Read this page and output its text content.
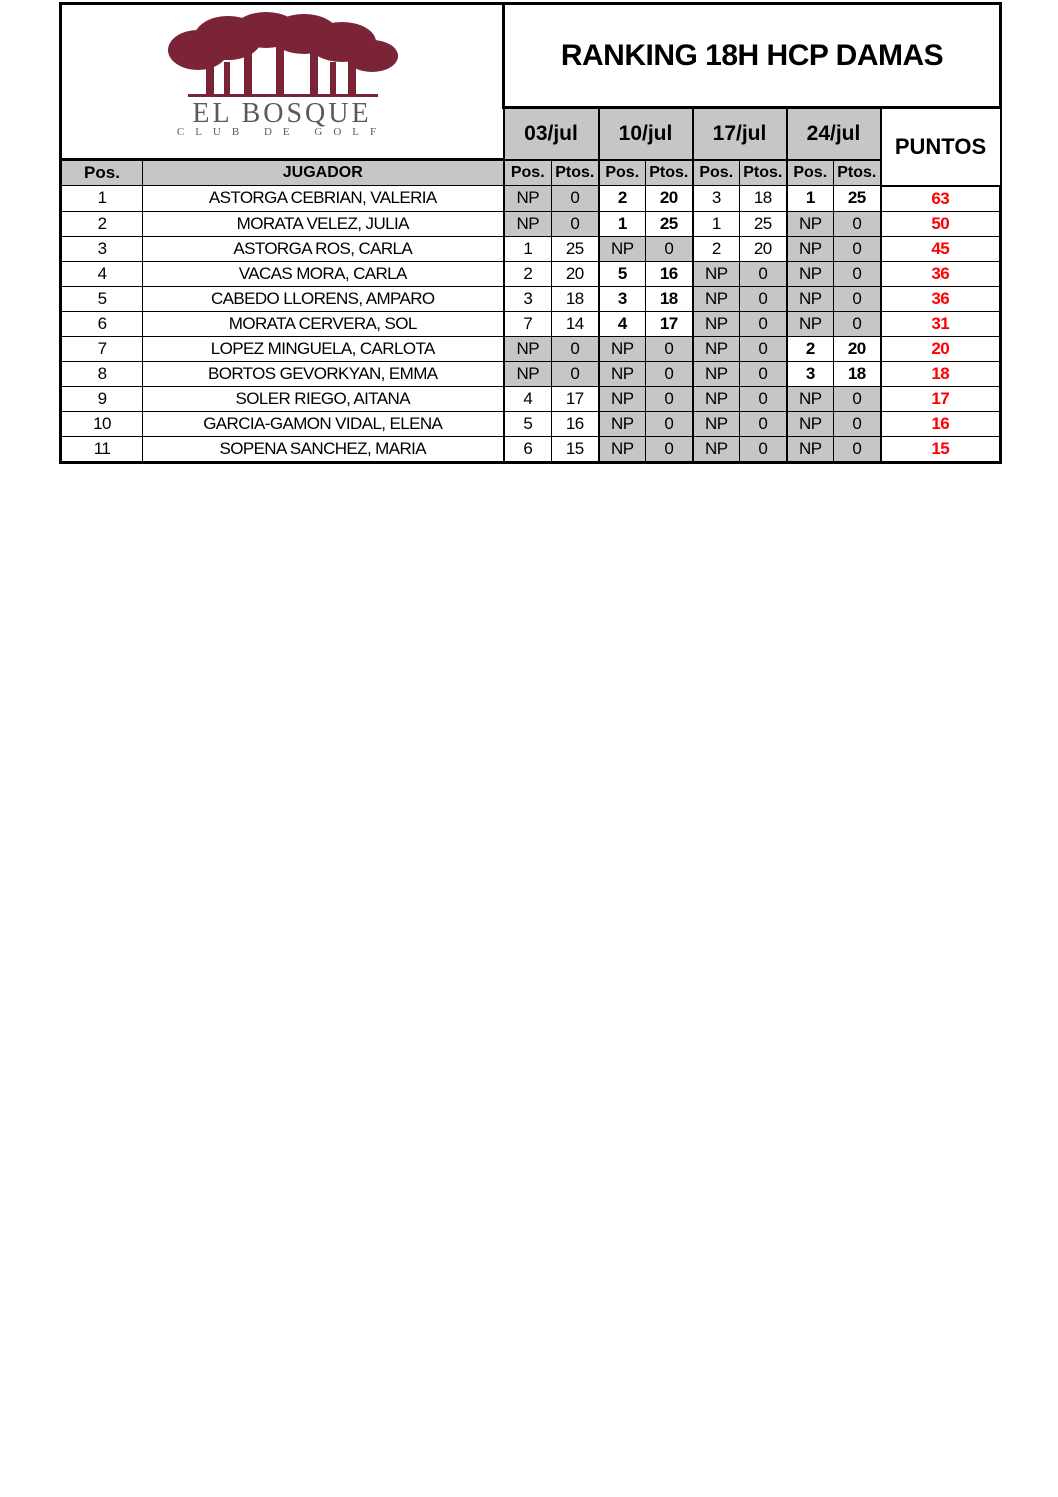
EL BOSQUE
CLUB DE GOLF		RANKING 18H HCP DAMAS								
		03/jul		10/jul		17/jul		24/jul		PUNTOS
Pos.	JUGADOR	Pos.	Ptos.	Pos.	Ptos.	Pos.	Ptos.	Pos.	Ptos.	
1	ASTORGA CEBRIAN, VALERIA	NP	0	2	20	3	18	1	25	63
2	MORATA VELEZ, JULIA	NP	0	1	25	1	25	NP	0	50
3	ASTORGA ROS, CARLA	1	25	NP	0	2	20	NP	0	45
4	VACAS MORA, CARLA	2	20	5	16	NP	0	NP	0	36
5	CABEDO LLORENS, AMPARO	3	18	3	18	NP	0	NP	0	36
6	MORATA CERVERA, SOL	7	14	4	17	NP	0	NP	0	31
7	LOPEZ MINGUELA, CARLOTA	NP	0	NP	0	NP	0	2	20	20
8	BORTOS GEVORKYAN, EMMA	NP	0	NP	0	NP	0	3	18	18
9	SOLER RIEGO, AITANA	4	17	NP	0	NP	0	NP	0	17
10	GARCIA-GAMON VIDAL, ELENA	5	16	NP	0	NP	0	NP	0	16
11	SOPENA SANCHEZ, MARIA	6	15	NP	0	NP	0	NP	0	15
